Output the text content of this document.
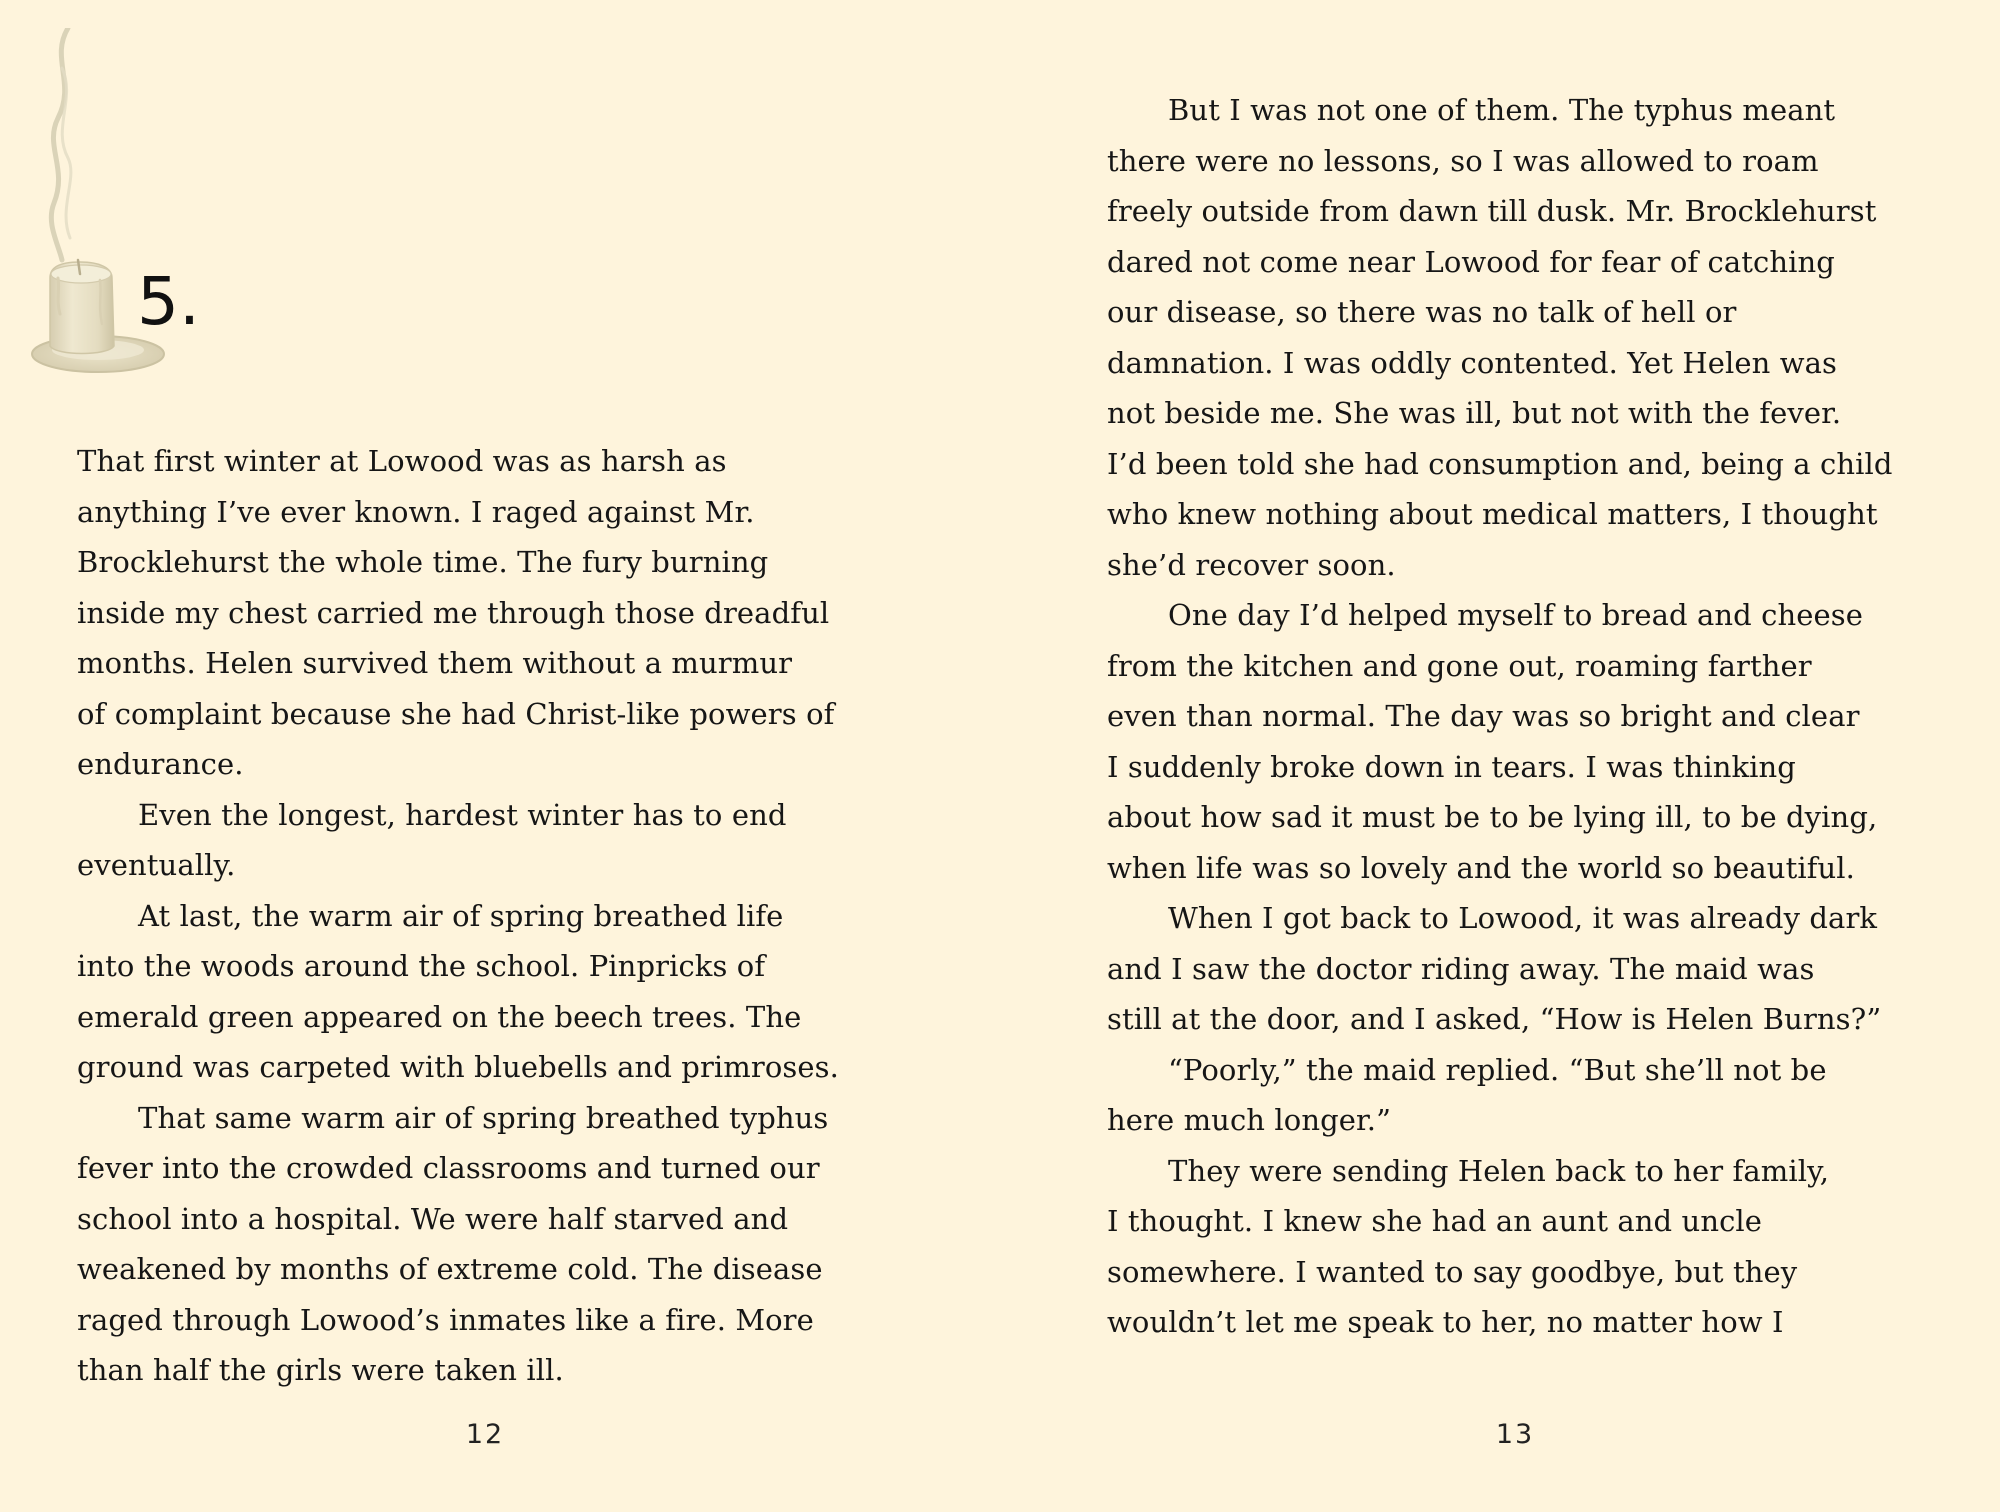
5.
That first winter at Lowood was as harsh as
anything I’ve ever known. I raged against Mr.
Brocklehurst the whole time. The fury burning
inside my chest carried me through those dreadful
months. Helen survived them without a murmur
of complaint because she had Christ-like powers of
endurance.
Even the longest, hardest winter has to end
eventually.
At last, the warm air of spring breathed life
into the woods around the school. Pinpricks of
emerald green appeared on the beech trees. The
ground was carpeted with bluebells and primroses.
That same warm air of spring breathed typhus
fever into the crowded classrooms and turned our
school into a hospital. We were half starved and
weakened by months of extreme cold. The disease
raged through Lowood’s inmates like a fire. More
than half the girls were taken ill.
12
But I was not one of them. The typhus meant
there were no lessons, so I was allowed to roam
freely outside from dawn till dusk. Mr. Brocklehurst
dared not come near Lowood for fear of catching
our disease, so there was no talk of hell or
damnation. I was oddly contented. Yet Helen was
not beside me. She was ill, but not with the fever.
I’d been told she had consumption and, being a child
who knew nothing about medical matters, I thought
she’d recover soon.
One day I’d helped myself to bread and cheese
from the kitchen and gone out, roaming farther
even than normal. The day was so bright and clear
I suddenly broke down in tears. I was thinking
about how sad it must be to be lying ill, to be dying,
when life was so lovely and the world so beautiful.
When I got back to Lowood, it was already dark
and I saw the doctor riding away. The maid was
still at the door, and I asked, “How is Helen Burns?”
“Poorly,” the maid replied. “But she’ll not be
here much longer.”
They were sending Helen back to her family,
I thought. I knew she had an aunt and uncle
somewhere. I wanted to say goodbye, but they
wouldn’t let me speak to her, no matter how I
13
